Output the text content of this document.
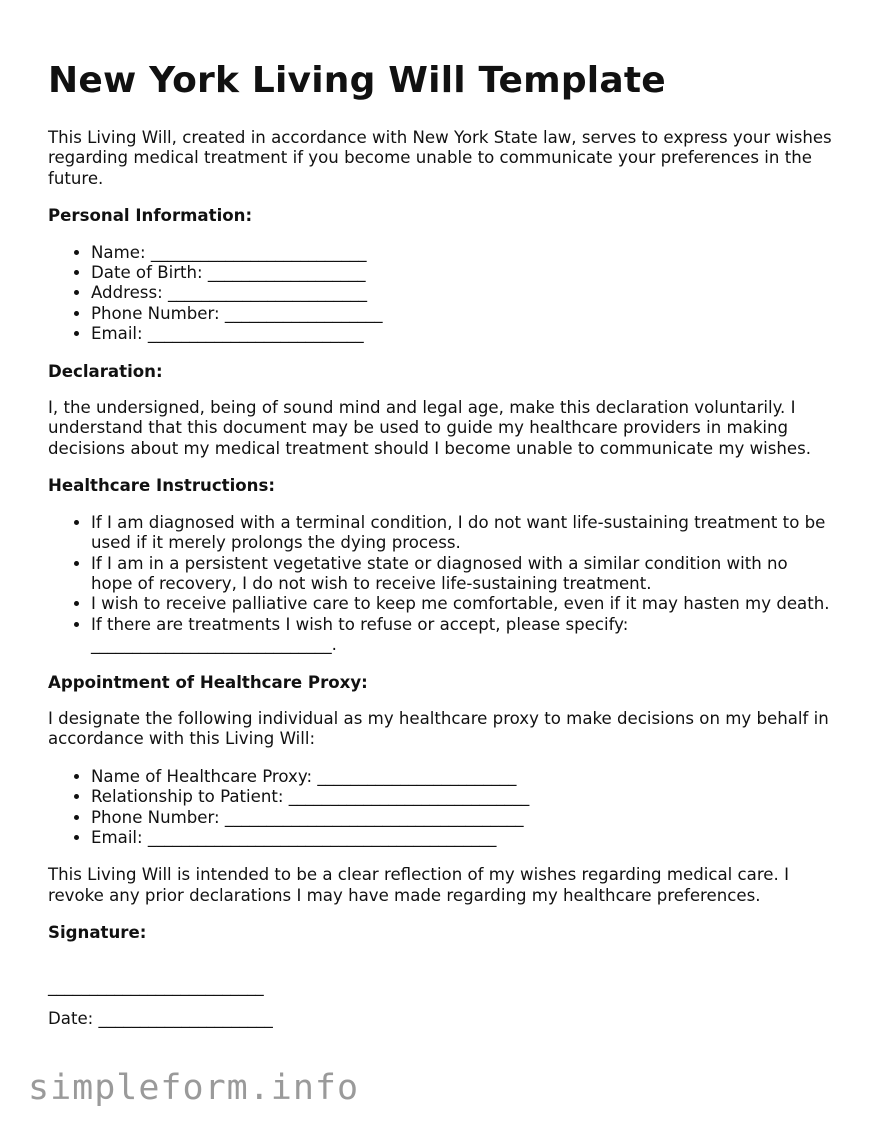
New York Living Will Template

This Living Will, created in accordance with New York State law, serves to express your wishes regarding medical treatment if you become unable to communicate your preferences in the future.

Personal Information:
• Name: __________________________
• Date of Birth: ___________________
• Address: ________________________
• Phone Number: ___________________
• Email: __________________________
Declaration:

I, the undersigned, being of sound mind and legal age, make this declaration voluntarily. I understand that this document may be used to guide my healthcare providers in making decisions about my medical treatment should I become unable to communicate my wishes.

Healthcare Instructions:
• If I am diagnosed with a terminal condition, I do not want life-sustaining treatment to be used if it merely prolongs the dying process.
• If I am in a persistent vegetative state or diagnosed with a similar condition with no hope of recovery, I do not wish to receive life-sustaining treatment.
• I wish to receive palliative care to keep me comfortable, even if it may hasten my death.
• If there are treatments I wish to refuse or accept, please specify: _____________________________.
Appointment of Healthcare Proxy:

I designate the following individual as my healthcare proxy to make decisions on my behalf in accordance with this Living Will:

• Name of Healthcare Proxy: ________________________
• Relationship to Patient: _____________________________
• Phone Number: ____________________________________
• Email: __________________________________________

This Living Will is intended to be a clear reflection of my wishes regarding medical care. I revoke any prior declarations I may have made regarding my healthcare preferences.

Signature:
__________________________
Date: _____________________
simpleform.info
